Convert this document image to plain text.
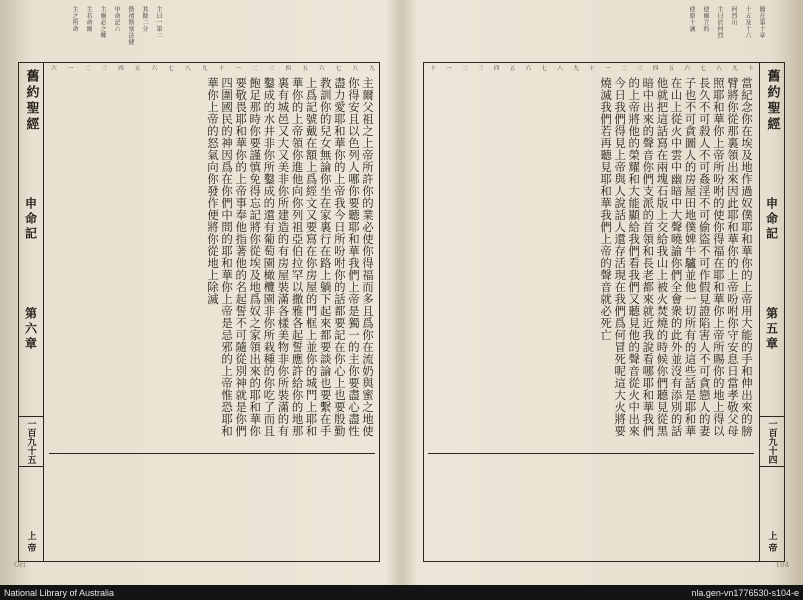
主曰一第二
其餘二分
偕禧斯塞法撻
申命記六
主爾必之鄉
主若命爾
主之所命
舊約聖經
申命記
第六章
一百九十五
上帝
九
八
七
六
五
四
三
二
一
十
九
八
七
六
五
四
三
二
一
六
主爾父祖之上帝所許你的業必使你得福而多且爲你在流奶與蜜之地使你得安且以色列人哪你要聽耶和華我們上帝是獨一的主你要盡心盡性盡力愛耶和華你的上帝我今日所吩咐你的話都要記在你心上也要殷勤教訓你的兒女無論你坐在家裏行在路上躺下起來都要談論也要繫在手上爲記號戴在額上爲經文又要寫在你房屋的門框上並你的城門上耶和華你的上帝領你進他向你列祖亞伯拉罕以撒雅各起誓應許給你的地那裏有城邑又大又美非你所建造的有房屋裝滿各樣美物非你所裝滿的有鑿成的水井非你所鑿成的還有葡萄園橄欖園非你所栽種的你吃了而且飽足那時你要謹慎免得忘記將你從埃及地爲奴之家領出來的耶和華你要敬畏耶和華你的上帝事奉他指著他的名起誓不可隨從別神就是你們四圍國民的神因爲在你們中間的耶和華你上帝是忌邪的上帝惟恐耶和華你上帝的怒氣向你發作便將你從地上除滅
Orl
閣在第十章
十五及十六
何烈山
主曰於何烈
使爾立約
使原十誡
舊約聖經
申命記
第五章
一百九十四
上帝
十
九
八
七
六
五
四
三
二
一
十
九
八
七
六
五
四
三
二
一
十
當紀念你在埃及地作過奴僕耶和華你的上帝用大能的手和伸出來的膀臂將你從那裏領出來因此耶和華你的上帝吩咐你守安息日當孝敬父母照耶和華你上帝所吩咐的使你得福在耶和華你上帝所賜你的地上得以長久不可殺人不可姦淫不可偷盜不可作假見證陷害人不可貪戀人的妻子也不可貪圖人的房屋田地僕婢牛驢並他一切所有的這些話是耶和華在山上從火中雲中幽暗中大聲曉諭你們全會衆的此外並沒有添別的話他就把這話寫在兩塊石版上交給我山上被火焚燒的時候你們聽見從黑暗中出來的聲音你們支派的首領和長老都來就近我說看哪耶和華我們的上帝將他的榮耀和大能顯給我們看我們又聽見他的聲音從火中出來今日我們得見上帝與人說話人還存活現在我們爲何冒死呢這大火將要燒滅我們若再聽見耶和華我們上帝的聲音就必死亡
104
National Library of Australia	nla.gen-vn1776530-s104-e
